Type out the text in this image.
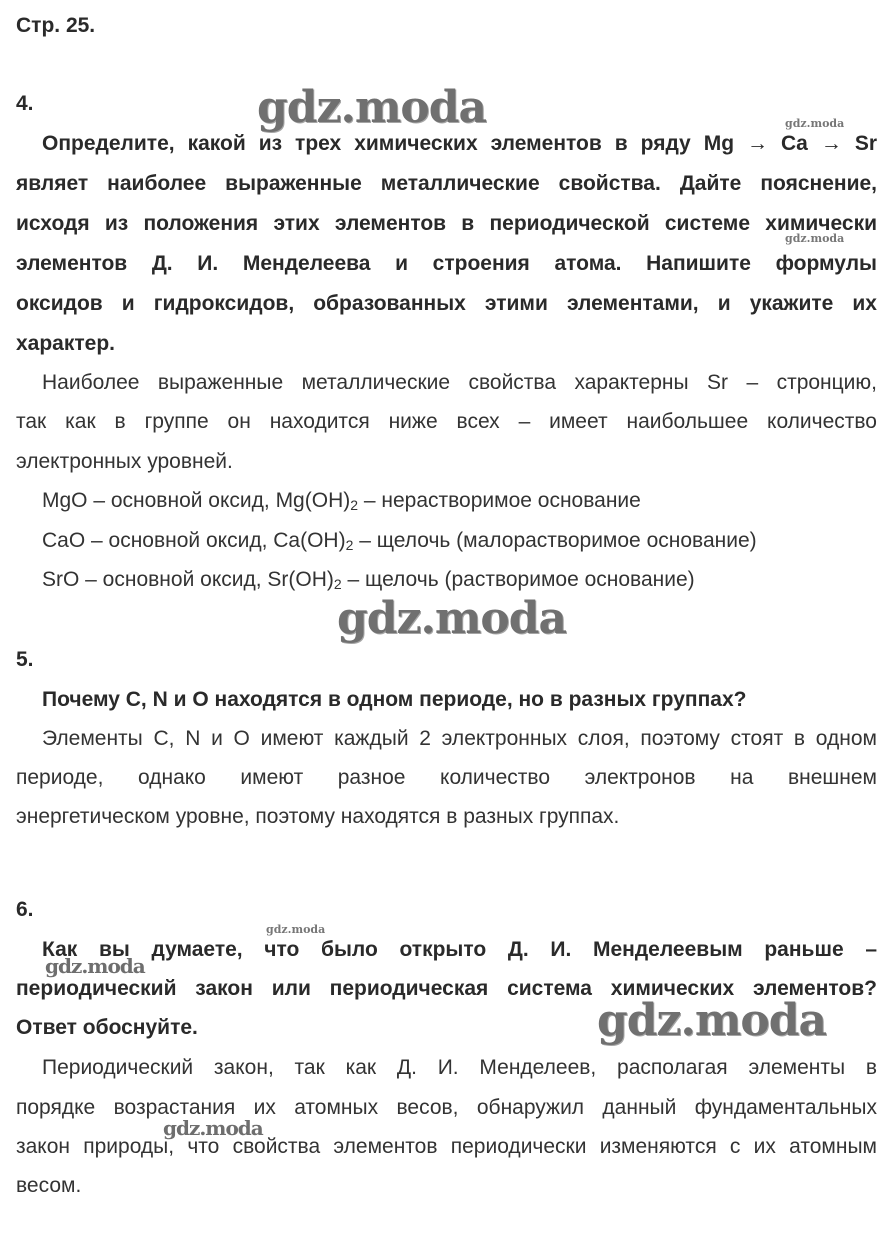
Стр. 25.
4.
Определите, какой из трех химических элементов в ряду Mg → Ca → Sr
являет наиболее выраженные металлические свойства. Дайте пояснение,
исходя из положения этих элементов в периодической системе химически
элементов Д. И. Менделеева и строения атома. Напишите формулы
оксидов и гидроксидов, образованных этими элементами, и укажите их
характер.
Наиболее выраженные металлические свойства характерны Sr – стронцию,
так как в группе он находится ниже всех – имеет наибольшее количество
электронных уровней.
MgO – основной оксид, $Mg(OH)_2$ – нерастворимое основание
CaO – основной оксид, $Ca(OH)_2$ – щелочь (малорастворимое основание)
SrO – основной оксид, $Sr(OH)_2$ – щелочь (растворимое основание)
5.
Почему C, N и O находятся в одном периоде, но в разных группах?
Элементы C, N и O имеют каждый 2 электронных слоя, поэтому стоят в одном
периоде, однако имеют разное количество электронов на внешнем
энергетическом уровне, поэтому находятся в разных группах.
6.
Как вы думаете, что было открыто Д. И. Менделеевым раньше –
периодический закон или периодическая система химических элементов?
Ответ обоснуйте.
Периодический закон, так как Д. И. Менделеев, располагая элементы в
порядке возрастания их атомных весов, обнаружил данный фундаментальных
закон природы, что свойства элементов периодически изменяются с их атомным
весом.
gdz.moda	gdz.moda
gdz.moda
gdz.moda
gdz.moda
gdz.moda
gdz.moda
gdz.moda
